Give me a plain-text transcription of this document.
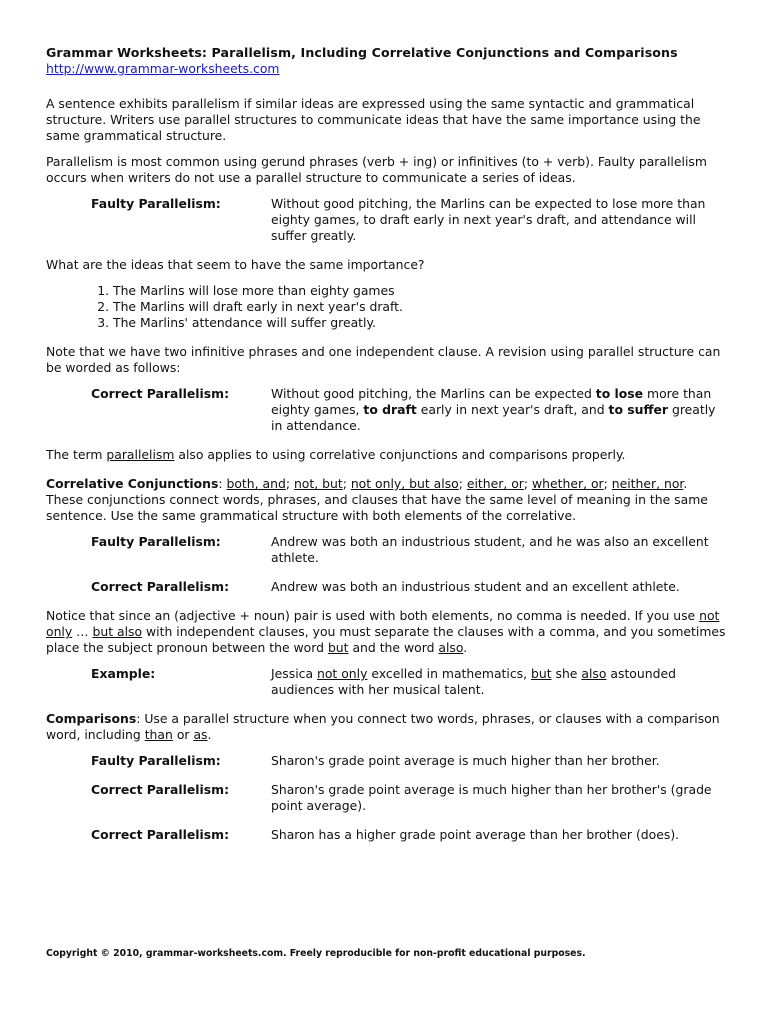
Grammar Worksheets: Parallelism, Including Correlative Conjunctions and Comparisons
http://www.grammar-worksheets.com

A sentence exhibits parallelism if similar ideas are expressed using the same syntactic and grammatical structure. Writers use parallel structures to communicate ideas that have the same importance using the same grammatical structure.

Parallelism is most common using gerund phrases (verb + ing) or infinitives (to + verb). Faulty parallelism occurs when writers do not use a parallel structure to communicate a series of ideas.

Faulty Parallelism:	Without good pitching, the Marlins can be expected to lose more than eighty games, to draft early in next year's draft, and attendance will suffer greatly.

What are the ideas that seem to have the same importance?

1. The Marlins will lose more than eighty games
2. The Marlins will draft early in next year's draft.
3. The Marlins' attendance will suffer greatly.

Note that we have two infinitive phrases and one independent clause. A revision using parallel structure can be worded as follows:

Correct Parallelism:	Without good pitching, the Marlins can be expected to lose more than eighty games, to draft early in next year's draft, and to suffer greatly in attendance.

The term parallelism also applies to using correlative conjunctions and comparisons properly.

Correlative Conjunctions: both, and; not, but; not only, but also; either, or; whether, or; neither, nor. These conjunctions connect words, phrases, and clauses that have the same level of meaning in the same sentence. Use the same grammatical structure with both elements of the correlative.

Faulty Parallelism:	Andrew was both an industrious student, and he was also an excellent athlete.
Correct Parallelism:	Andrew was both an industrious student and an excellent athlete.

Notice that since an (adjective + noun) pair is used with both elements, no comma is needed. If you use not only … but also with independent clauses, you must separate the clauses with a comma, and you sometimes place the subject pronoun between the word but and the word also.

Example:	Jessica not only excelled in mathematics, but she also astounded audiences with her musical talent.

Comparisons: Use a parallel structure when you connect two words, phrases, or clauses with a comparison word, including than or as.

Faulty Parallelism:	Sharon's grade point average is much higher than her brother.
Correct Parallelism:	Sharon's grade point average is much higher than her brother's (grade point average).
Correct Parallelism:	Sharon has a higher grade point average than her brother (does).
Copyright © 2010, grammar-worksheets.com. Freely reproducible for non-profit educational purposes.
